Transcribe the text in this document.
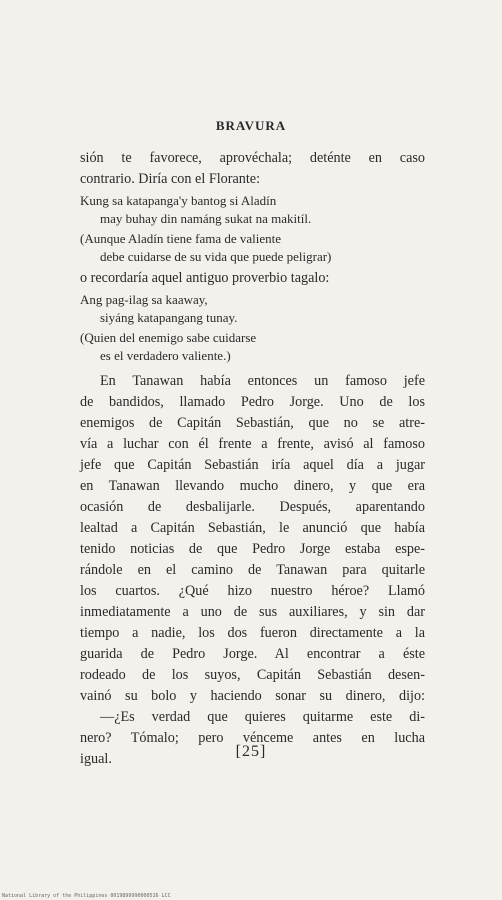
BRAVURA

sión te favorece, aprovéchala; deténte en caso

contrario. Diría con el Florante:

Kung sa katapanga'y bantog si Aladín
may buhay din namáng sukat na makitíl.
(Aunque Aladín tiene fama de valiente
debe cuidarse de su vida que puede peligrar)

o recordaría aquel antiguo proverbio tagalo:

Ang pag-ilag sa kaaway,
siyáng katapangang tunay.
(Quien del enemigo sabe cuidarse
es el verdadero valiente.)

En Tanawan había entonces un famoso jefe

de bandidos, llamado Pedro Jorge. Uno de los

enemigos de Capitán Sebastián, que no se atre-

vía a luchar con él frente a frente, avisó al famoso

jefe que Capitán Sebastián iría aquel día a jugar

en Tanawan llevando mucho dinero, y que era

ocasión de desbalijarle. Después, aparentando

lealtad a Capitán Sebastián, le anunció que había

tenido noticias de que Pedro Jorge estaba espe-

rándole en el camino de Tanawan para quitarle

los cuartos. ¿Qué hizo nuestro héroe? Llamó

inmediatamente a uno de sus auxiliares, y sin dar

tiempo a nadie, los dos fueron directamente a la

guarida de Pedro Jorge. Al encontrar a éste

rodeado de los suyos, Capitán Sebastián desen-

vainó su bolo y haciendo sonar su dinero, dijo:

—¿Es verdad que quieres quitarme este di-

nero? Tómalo; pero vénceme antes en lucha

igual.	[25]
National Library of the Philippines 0019899990000516 LCC
